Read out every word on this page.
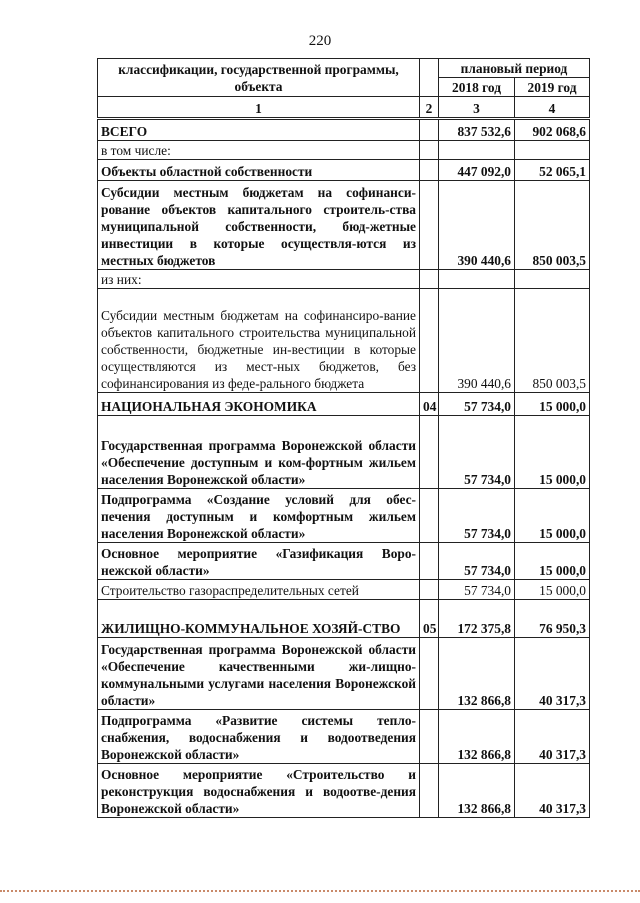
220
классификации, государственной программы, объекта		плановый период	
		2018 год	2019 год
1	2	3	4
ВСЕГО		837 532,6	902 068,6
в том числе:			
Объекты областной собственности		447 092,0	52 065,1
Субсидии местным бюджетам на софинанси-рование объектов капитального строитель-ства муниципальной собственности, бюд-жетные инвестиции в которые осуществля-ются из местных бюджетов		390 440,6	850 003,5
из них:			
Субсидии местным бюджетам на софинансиро-вание объектов капитального строительства муниципальной собственности, бюджетные ин-вестиции в которые осуществляются из мест-ных бюджетов, без софинансирования из феде-рального бюджета		390 440,6	850 003,5
НАЦИОНАЛЬНАЯ ЭКОНОМИКА	04	57 734,0	15 000,0
Государственная программа Воронежской области «Обеспечение доступным и ком-фортным жильем населения Воронежской области»		57 734,0	15 000,0
Подпрограмма «Создание условий для обес-печения доступным и комфортным жильем населения Воронежской области»		57 734,0	15 000,0
Основное мероприятие «Газификация Воро-нежской области»		57 734,0	15 000,0
Строительство газораспределительных сетей		57 734,0	15 000,0
ЖИЛИЩНО-КОММУНАЛЬНОЕ ХОЗЯЙ-СТВО	05	172 375,8	76 950,3
Государственная программа Воронежской области «Обеспечение качественными жи-лищно-коммунальными услугами населения Воронежской области»		132 866,8	40 317,3
Подпрограмма «Развитие системы тепло-снабжения, водоснабжения и водоотведения Воронежской области»		132 866,8	40 317,3
Основное мероприятие «Строительство и реконструкция водоснабжения и водоотве-дения Воронежской области»		132 866,8	40 317,3
